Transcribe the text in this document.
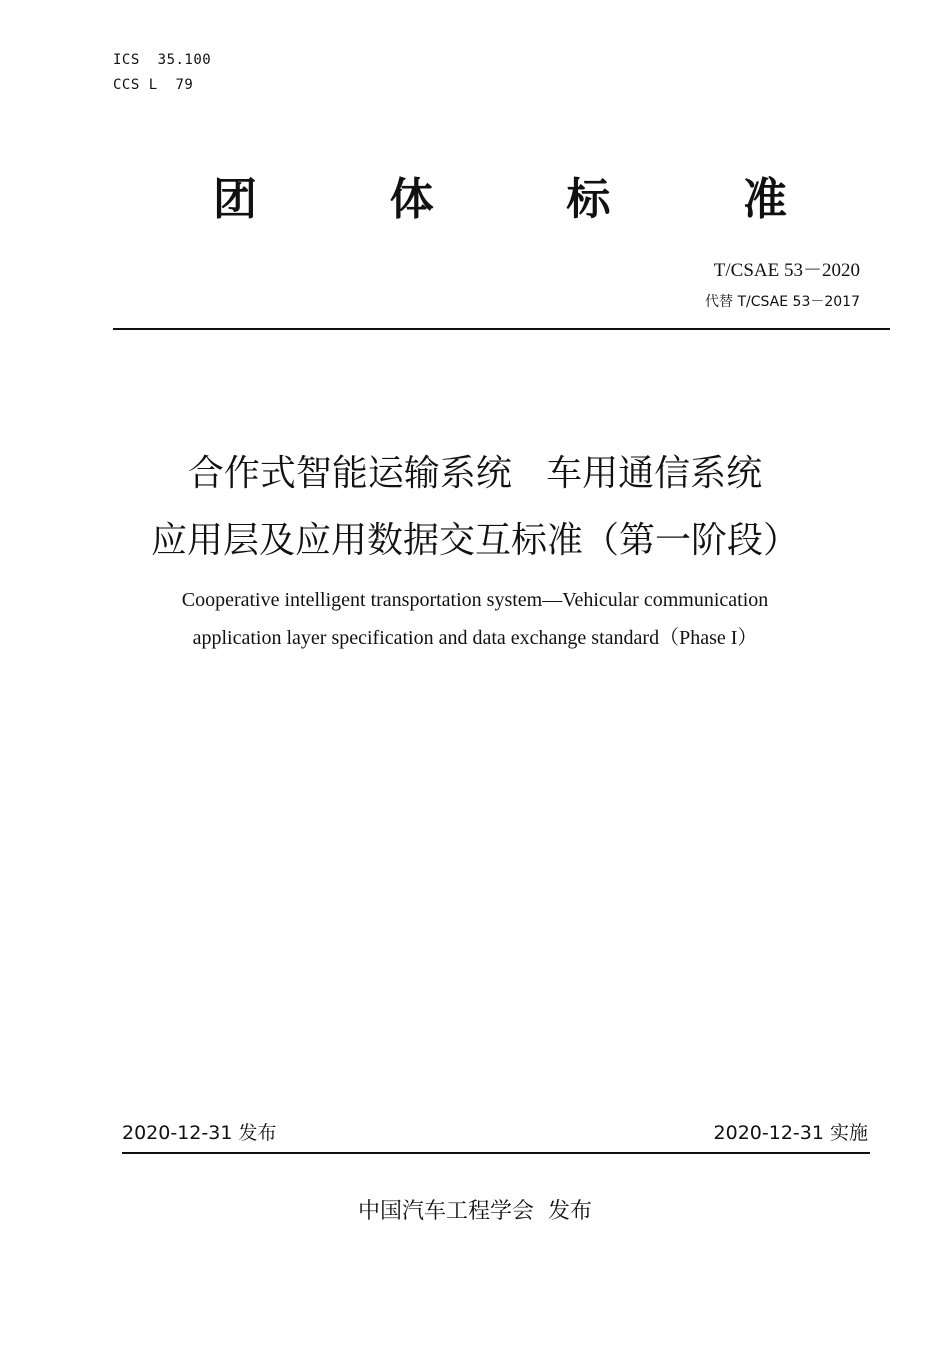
ICS  35.100
CCS L  79
团	体	标	准
T/CSAE 53－2020
代替 T/CSAE 53－2017
合作式智能运输系统   车用通信系统
应用层及应用数据交互标准（第一阶段）
Cooperative intelligent transportation system—Vehicular communication
application layer specification and data exchange standard（Phase I）
2020-12-31 发布	2020-12-31 实施
中国汽车工程学会  发布
